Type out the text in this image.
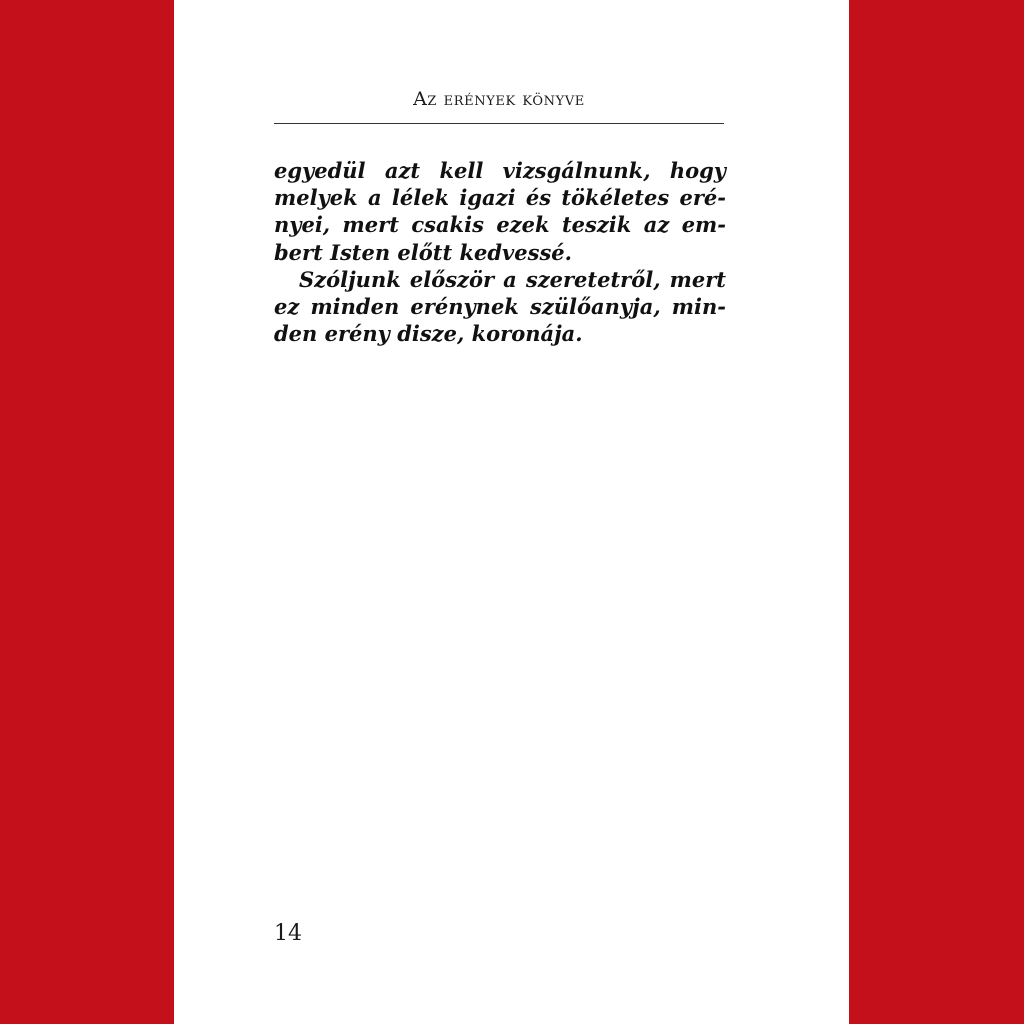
Az erények könyve
egyedül azt kell vizsgálnunk, hogy
melyek a lélek igazi és tökéletes eré-
nyei, mert csakis ezek teszik az em-
bert Isten előtt kedvessé.
Szóljunk először a szeretetről, mert
ez minden erénynek szülőanyja, min-
den erény disze, koronája.
14
